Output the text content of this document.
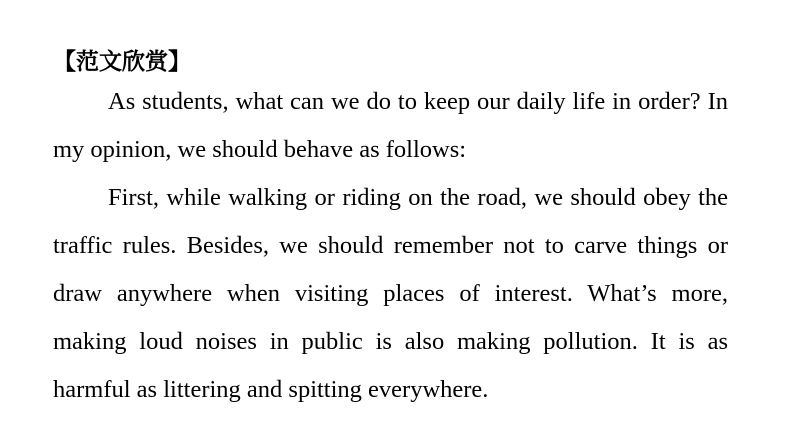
【范文欣赏】

As students, what can we do to keep our daily life in order? In my opinion, we should behave as follows:

First, while walking or riding on the road, we should obey the traffic rules. Besides, we should remember not to carve things or draw anywhere when visiting places of interest. What’s more, making loud noises in public is also making pollution. It is as harmful as littering and spitting everywhere.
